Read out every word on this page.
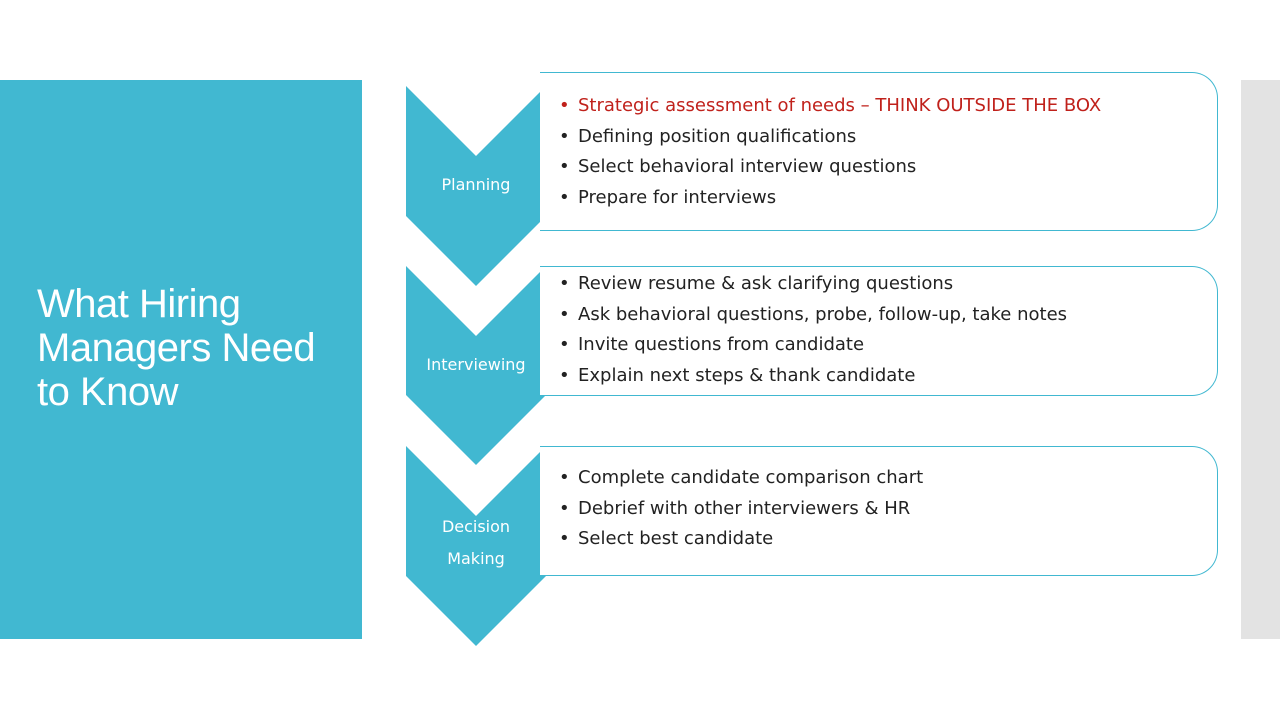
What Hiring Managers Need to Know
Planning
Interviewing
Decision
Making
• Strategic assessment of needs – THINK OUTSIDE THE BOX
• Defining position qualifications
• Select behavioral interview questions
• Prepare for interviews
• Review resume & ask clarifying questions
• Ask behavioral questions, probe, follow-up, take notes
• Invite questions from candidate
• Explain next steps & thank candidate
• Complete candidate comparison chart
• Debrief with other interviewers & HR
• Select best candidate
